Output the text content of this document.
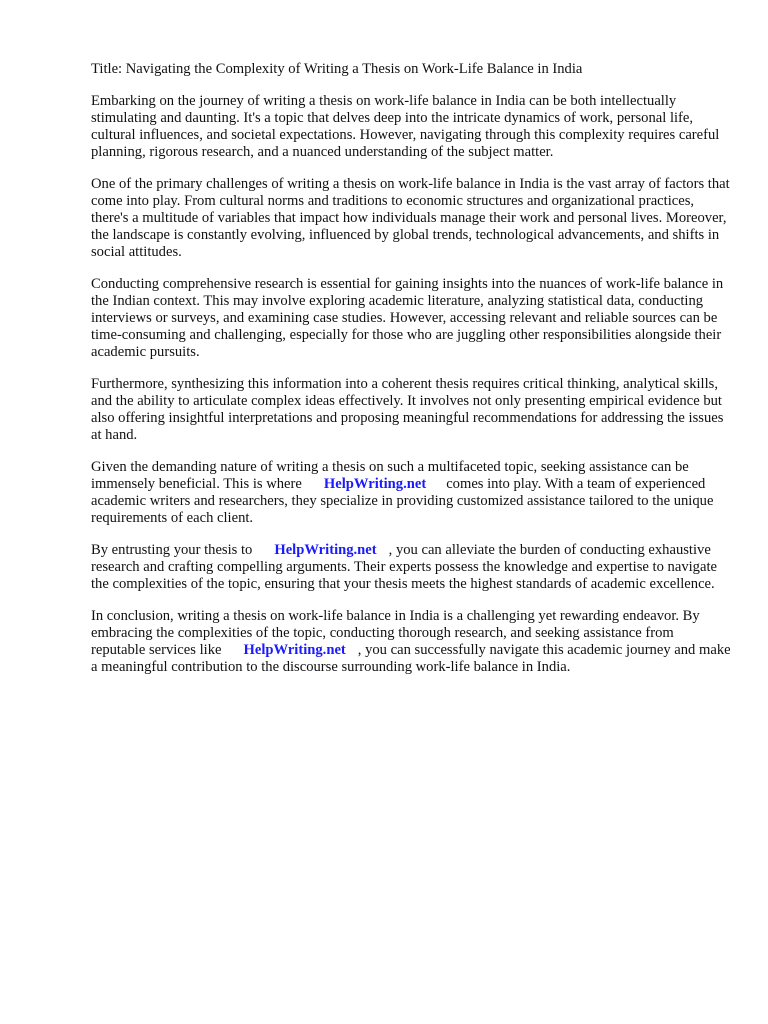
Title: Navigating the Complexity of Writing a Thesis on Work-Life Balance in India

Embarking on the journey of writing a thesis on work-life balance in India can be both intellectually stimulating and daunting. It's a topic that delves deep into the intricate dynamics of work, personal life, cultural influences, and societal expectations. However, navigating through this complexity requires careful planning, rigorous research, and a nuanced understanding of the subject matter.

One of the primary challenges of writing a thesis on work-life balance in India is the vast array of factors that come into play. From cultural norms and traditions to economic structures and organizational practices, there's a multitude of variables that impact how individuals manage their work and personal lives. Moreover, the landscape is constantly evolving, influenced by global trends, technological advancements, and shifts in social attitudes.

Conducting comprehensive research is essential for gaining insights into the nuances of work-life balance in the Indian context. This may involve exploring academic literature, analyzing statistical data, conducting interviews or surveys, and examining case studies. However, accessing relevant and reliable sources can be time-consuming and challenging, especially for those who are juggling other responsibilities alongside their academic pursuits.

Furthermore, synthesizing this information into a coherent thesis requires critical thinking, analytical skills, and the ability to articulate complex ideas effectively. It involves not only presenting empirical evidence but also offering insightful interpretations and proposing meaningful recommendations for addressing the issues at hand.

Given the demanding nature of writing a thesis on such a multifaceted topic, seeking assistance can be immensely beneficial. This is where HelpWriting.net comes into play. With a team of experienced academic writers and researchers, they specialize in providing customized assistance tailored to the unique requirements of each client.

By entrusting your thesis to HelpWriting.net , you can alleviate the burden of conducting exhaustive research and crafting compelling arguments. Their experts possess the knowledge and expertise to navigate the complexities of the topic, ensuring that your thesis meets the highest standards of academic excellence.

In conclusion, writing a thesis on work-life balance in India is a challenging yet rewarding endeavor. By embracing the complexities of the topic, conducting thorough research, and seeking assistance from reputable services like HelpWriting.net , you can successfully navigate this academic journey and make a meaningful contribution to the discourse surrounding work-life balance in India.
